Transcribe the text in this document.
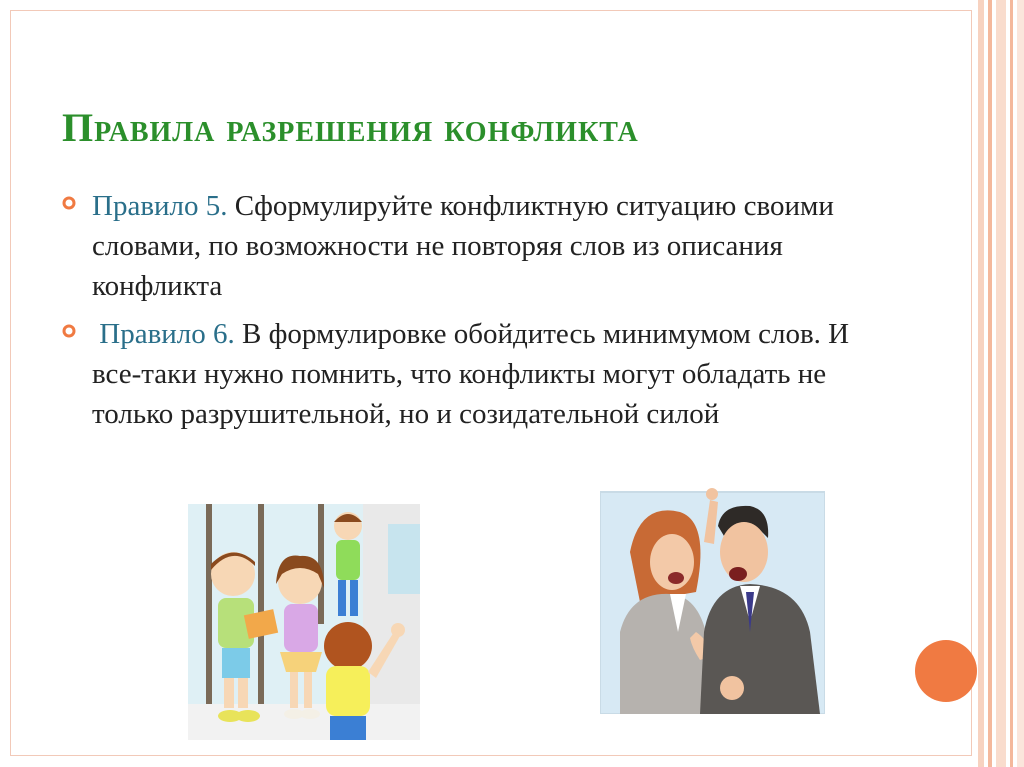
Правила разрешения конфликта
Правило 5. Сформулируйте конфликтную ситуацию своими словами, по возможности не повторяя слов из описания конфликта
Правило 6. В формулировке обойдитесь минимумом слов. И все-таки нужно помнить, что конфликты могут обладать не только разрушительной, но и созидательной силой
